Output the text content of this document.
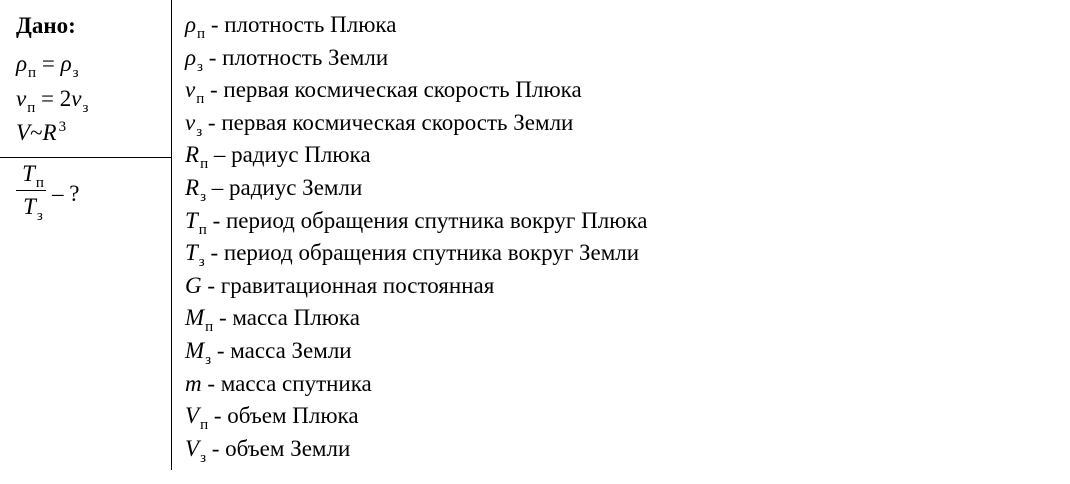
Дано:
$\rho_п = \rho_з$
$v_п = 2v_з$
V~R $^3$
$T_п$
$T_з$
– ?
$\rho_п$ - плотность Плюка
$\rho_з$ - плотность Земли
$v_п$ - первая космическая скорость Плюка
$v_з$ - первая космическая скорость Земли
$R_п$ – радиус Плюка
$R_з$ – радиус Земли
$T_п$ - период обращения спутника вокруг Плюка
$T_з$ - период обращения спутника вокруг Земли
G - гравитационная постоянная
$M_п$ - масса Плюка
$M_з$ - масса Земли
m - масса спутника
$V_п$ - объем Плюка
$V_з$ - объем Земли
